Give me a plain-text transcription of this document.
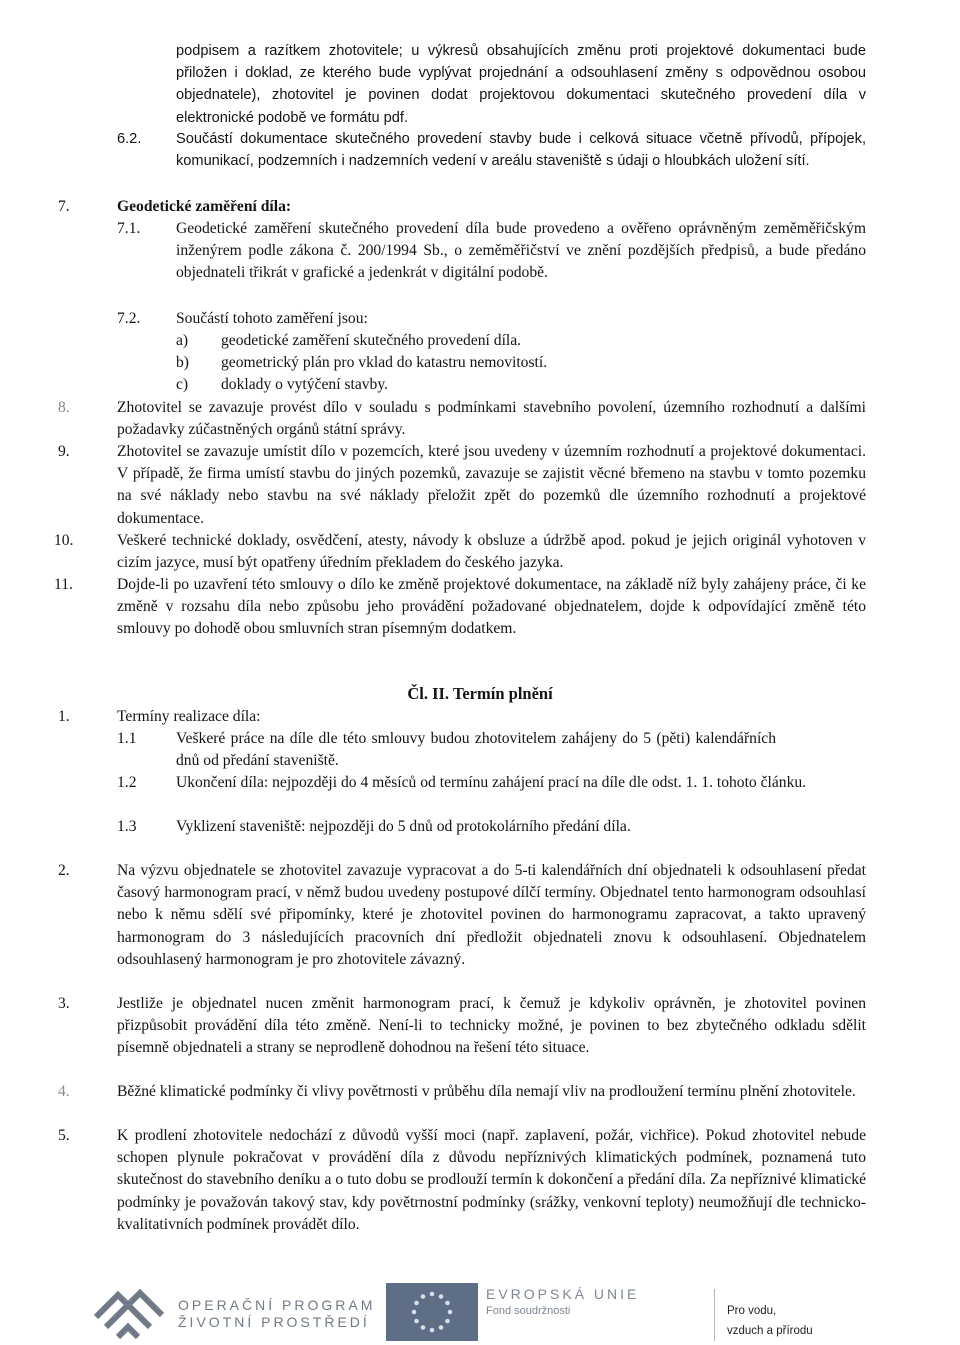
podpisem a razítkem zhotovitele; u výkresů obsahujících změnu proti projektové dokumentaci bude přiložen i doklad, ze kterého bude vyplývat projednání a odsouhlasení změny s odpovědnou osobou objednatele), zhotovitel je povinen dodat projektovou dokumentaci skutečného provedení díla v elektronické podobě ve formátu pdf.
6.2. Součástí dokumentace skutečného provedení stavby bude i celková situace včetně přívodů, přípojek, komunikací, podzemních i nadzemních vedení v areálu staveniště s údaji o hloubkách uložení sítí.
7.	Geodetické zaměření díla:
7.1. Geodetické zaměření skutečného provedení díla bude provedeno a ověřeno oprávněným zeměměřičským inženýrem podle zákona č. 200/1994 Sb., o zeměměřičství ve znění pozdějších předpisů, a bude předáno objednateli třikrát v grafické a jedenkrát v digitální podobě.
7.2. Součástí tohoto zaměření jsou:
a) geodetické zaměření skutečného provedení díla.
b) geometrický plán pro vklad do katastru nemovitostí.
c) doklady o vytýčení stavby.
8.	Zhotovitel se zavazuje provést dílo v souladu s podmínkami stavebního povolení, územního rozhodnutí a dalšími požadavky zúčastněných orgánů státní správy.
9.	Zhotovitel se zavazuje umístit dílo v pozemcích, které jsou uvedeny v územním rozhodnutí a projektové dokumentaci. V případě, že firma umístí stavbu do jiných pozemků, zavazuje se zajistit věcné břemeno na stavbu v tomto pozemku na své náklady nebo stavbu na své náklady přeložit zpět do pozemků dle územního rozhodnutí a projektové dokumentace.
10.	Veškeré technické doklady, osvědčení, atesty, návody k obsluze a údržbě apod. pokud je jejich originál vyhotoven v cizím jazyce, musí být opatřeny úředním překladem do českého jazyka.
11.	Dojde-li po uzavření této smlouvy o dílo ke změně projektové dokumentace, na základě níž byly zahájeny práce, či ke změně v rozsahu díla nebo způsobu jeho provádění požadované objednatelem, dojde k odpovídající změně této smlouvy po dohodě obou smluvních stran písemným dodatkem.
Čl. II. Termín plnění
1.	Termíny realizace díla:
1.1	Veškeré práce na díle dle této smlouvy budou zhotovitelem zahájeny do 5 (pěti) kalendářních dnů od předání staveniště.
1.2	Ukončení díla: nejpozději do 4 měsíců od termínu zahájení prací na díle dle odst. 1. 1. tohoto článku.
1.3	Vyklizení staveniště: nejpozději do 5 dnů od protokolárního předání díla.
2.	Na výzvu objednatele se zhotovitel zavazuje vypracovat a do 5-ti kalendářních dní objednateli k odsouhlasení předat časový harmonogram prací, v němž budou uvedeny postupové dílčí termíny. Objednatel tento harmonogram odsouhlasí nebo k němu sdělí své připomínky, které je zhotovitel povinen do harmonogramu zapracovat, a takto upravený harmonogram do 3 následujících pracovních dní předložit objednateli znovu k odsouhlasení. Objednatelem odsouhlasený harmonogram je pro zhotovitele závazný.
3.	Jestliže je objednatel nucen změnit harmonogram prací, k čemuž je kdykoliv oprávněn, je zhotovitel povinen přizpůsobit provádění díla této změně. Není-li to technicky možné, je povinen to bez zbytečného odkladu sdělit písemně objednateli a strany se neprodleně dohodnou na řešení této situace.
4.	Běžné klimatické podmínky či vlivy povětrnosti v průběhu díla nemají vliv na prodloužení termínu plnění zhotovitele.
5.	K prodlení zhotovitele nedochází z důvodů vyšší moci (např. zaplavení, požár, vichřice). Pokud zhotovitel nebude schopen plynule pokračovat v provádění díla z důvodu nepříznivých klimatických podmínek, poznamená tuto skutečnost do stavebního deníku a o tuto dobu se prodlouží termín k dokončení a předání díla. Za nepříznivé klimatické podmínky je považován takový stav, kdy povětrnostní podmínky (srážky, venkovní teploty) neumožňují dle technicko-kvalitativních podmínek provádět dílo.
OPERAČNÍ PROGRAM
ŽIVOTNÍ PROSTŘEDÍ
EVROPSKÁ UNIE
Fond soudržnosti	Pro vodu,
vzduch a přírodu
